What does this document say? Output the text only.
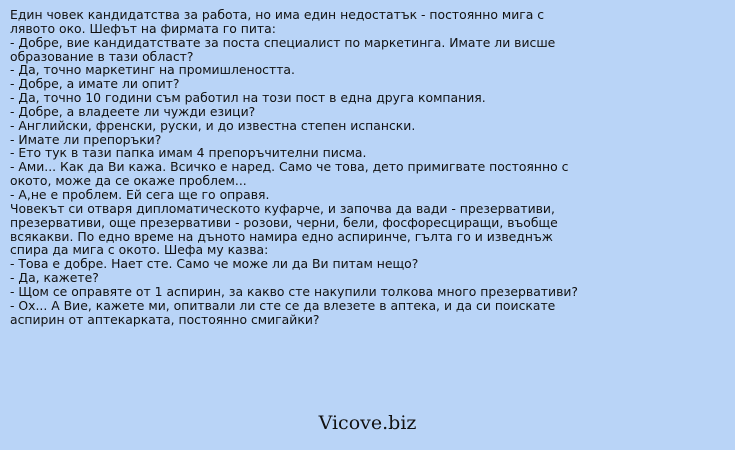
Един човек кандидатства за работа, но има един недостатък - постоянно мига с
лявото око. Шефът на фирмата го пита:
- Добре, вие кандидатствате за поста специалист по маркетинга. Имате ли висше
образование в тази област?
- Да, точно маркетинг на промишлеността.
- Добре, а имате ли опит?
- Да, точно 10 години съм работил на този пост в една друга компания.
- Добре, а владеете ли чужди езици?
- Английски, френски, руски, и до известна степен испански.
- Имате ли препоръки?
- Ето тук в тази папка имам 4 препоръчителни писма.
- Ами... Как да Ви кажа. Всичко е наред. Само че това, дето примигвате постоянно с
окото, може да се окаже проблем...
- А,не е проблем. Ей сега ще го оправя.
Човекът си отваря дипломатическото куфарче, и започва да вади - презервативи,
презервативи, още презервативи - розови, черни, бели, фосфоресциращи, въобще
всякакви. По едно време на дъното намира едно аспиринче, гълта го и изведнъж
спира да мига с окото. Шефа му казва:
- Това е добре. Нает сте. Само че може ли да Ви питам нещо?
- Да, кажете?
- Щом се оправяте от 1 аспирин, за какво сте накупили толкова много презервативи?
- Ох... А Вие, кажете ми, опитвали ли сте се да влезете в аптека, и да си поискате
аспирин от аптекарката, постоянно смигайки?
Vicove.biz
